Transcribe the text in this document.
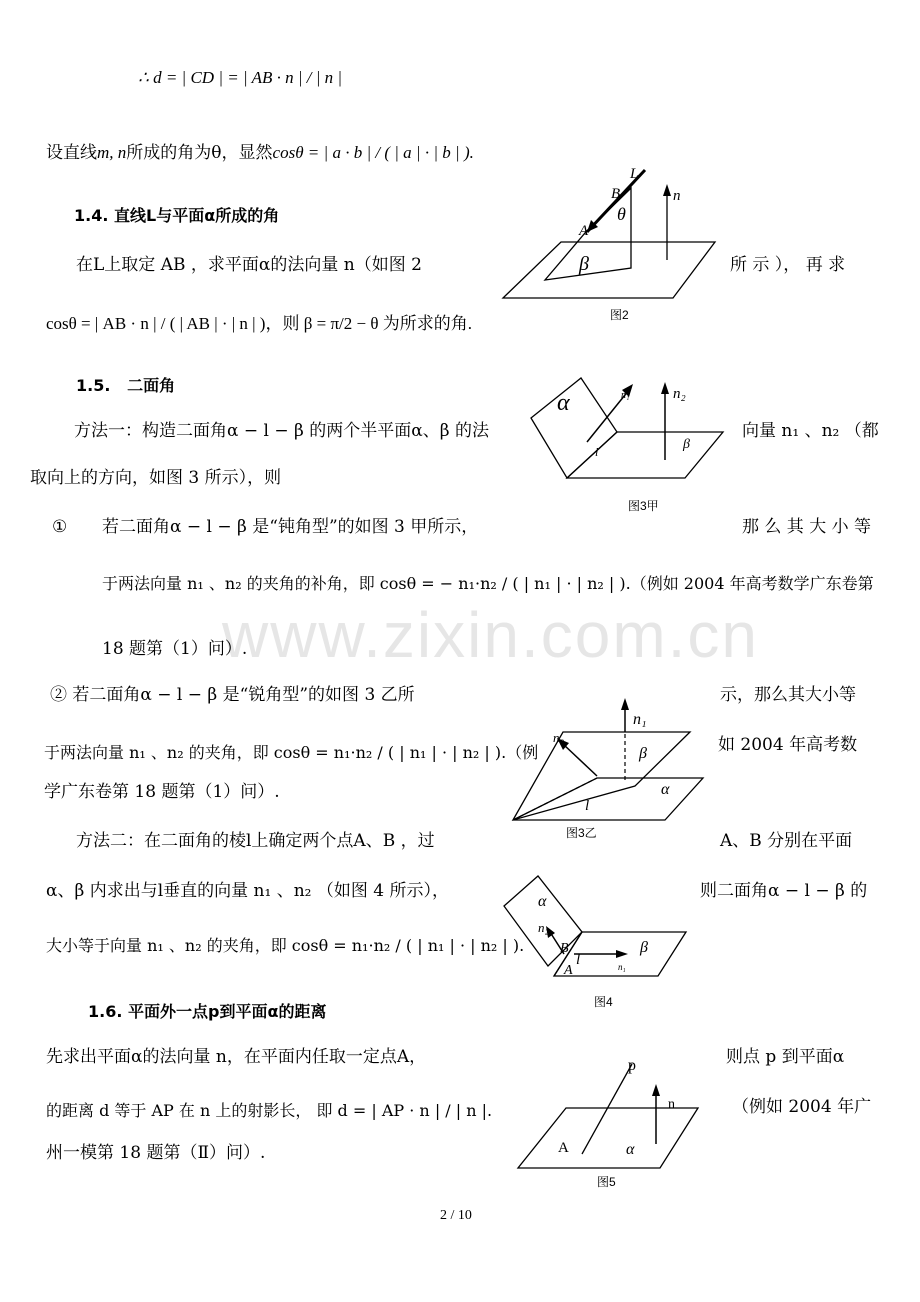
www.zixin.com.cn
∴ d = | CD | = | AB · n | / | n |
设直线m, n所成的角为θ，显然cosθ = | a · b | / ( | a | · | b | ).
1.4. 直线L与平面α所成的角
在L上取定 AB ，求平面α的法向量 n（如图 2	所 示 ）， 再 求
cosθ = | AB · n | / ( | AB | · | n | )，则 β = π/2 − θ 为所求的角.
L
B
θ
n
A
β
图2
1.5. 二面角
方法一：构造二面角α − l − β 的两个半平面α、β 的法	向量 n₁ 、n₂ （都
取向上的方向，如图 3 所示），则
α	n₁	n₂
β
l
图3甲
① 若二面角α − l − β 是“钝角型”的如图 3 甲所示，	那 么 其 大 小 等
于两法向量 n₁ 、n₂ 的夹角的补角，即 cosθ = − n₁·n₂ / ( | n₁ | · | n₂ | ).（例如 2004 年高考数学广东卷第
18 题第（1）问）.
② 若二面角α − l − β 是“锐角型”的如图 3 乙所	示，那么其大小等
于两法向量 n₁ 、n₂ 的夹角，即 cosθ = n₁·n₂ / ( | n₁ | · | n₂ | ).（例	如 2004 年高考数
学广东卷第 18 题第（1）问）.
n₁
n₂
β
α
l
图3乙
方法二：在二面角的棱l上确定两个点A、B ，过	A、B 分别在平面
α、β 内求出与l垂直的向量 n₁ 、n₂ （如图 4 所示），	则二面角α − l − β 的
大小等于向量 n₁ 、n₂ 的夹角，即 cosθ = n₁·n₂ / ( | n₁ | · | n₂ | ).
α
n₂
B
l
A	n₁
β
图4
1.6. 平面外一点p到平面α的距离
先求出平面α的法向量 n，在平面内任取一定点A，	则点 p 到平面α
的距离 d 等于 AP 在 n 上的射影长， 即 d = | AP · n | / | n |.	（例如 2004 年广
州一模第 18 题第（Ⅱ）问）.
p
n
A	α
图5
2 / 10
